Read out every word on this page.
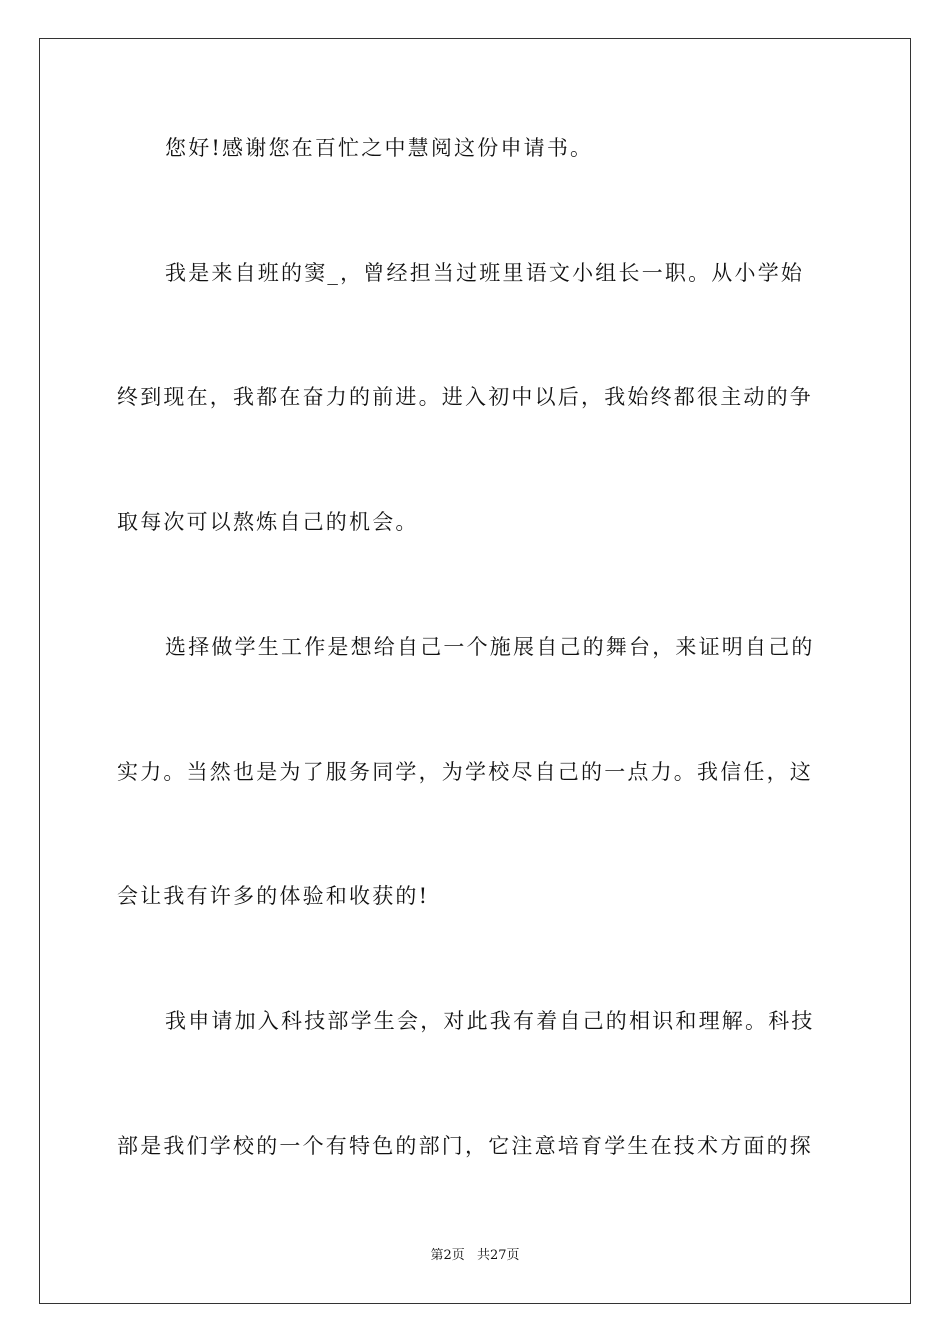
您好!感谢您在百忙之中慧阅这份申请书。
我是来自班的窦_，曾经担当过班里语文小组长一职。从小学始
终到现在，我都在奋力的前进。进入初中以后，我始终都很主动的争
取每次可以熬炼自己的机会。
选择做学生工作是想给自己一个施展自己的舞台，来证明自己的
实力。当然也是为了服务同学，为学校尽自己的一点力。我信任，这
会让我有许多的体验和收获的!
我申请加入科技部学生会，对此我有着自己的相识和理解。科技
部是我们学校的一个有特色的部门，它注意培育学生在技术方面的探
第2页 共27页
